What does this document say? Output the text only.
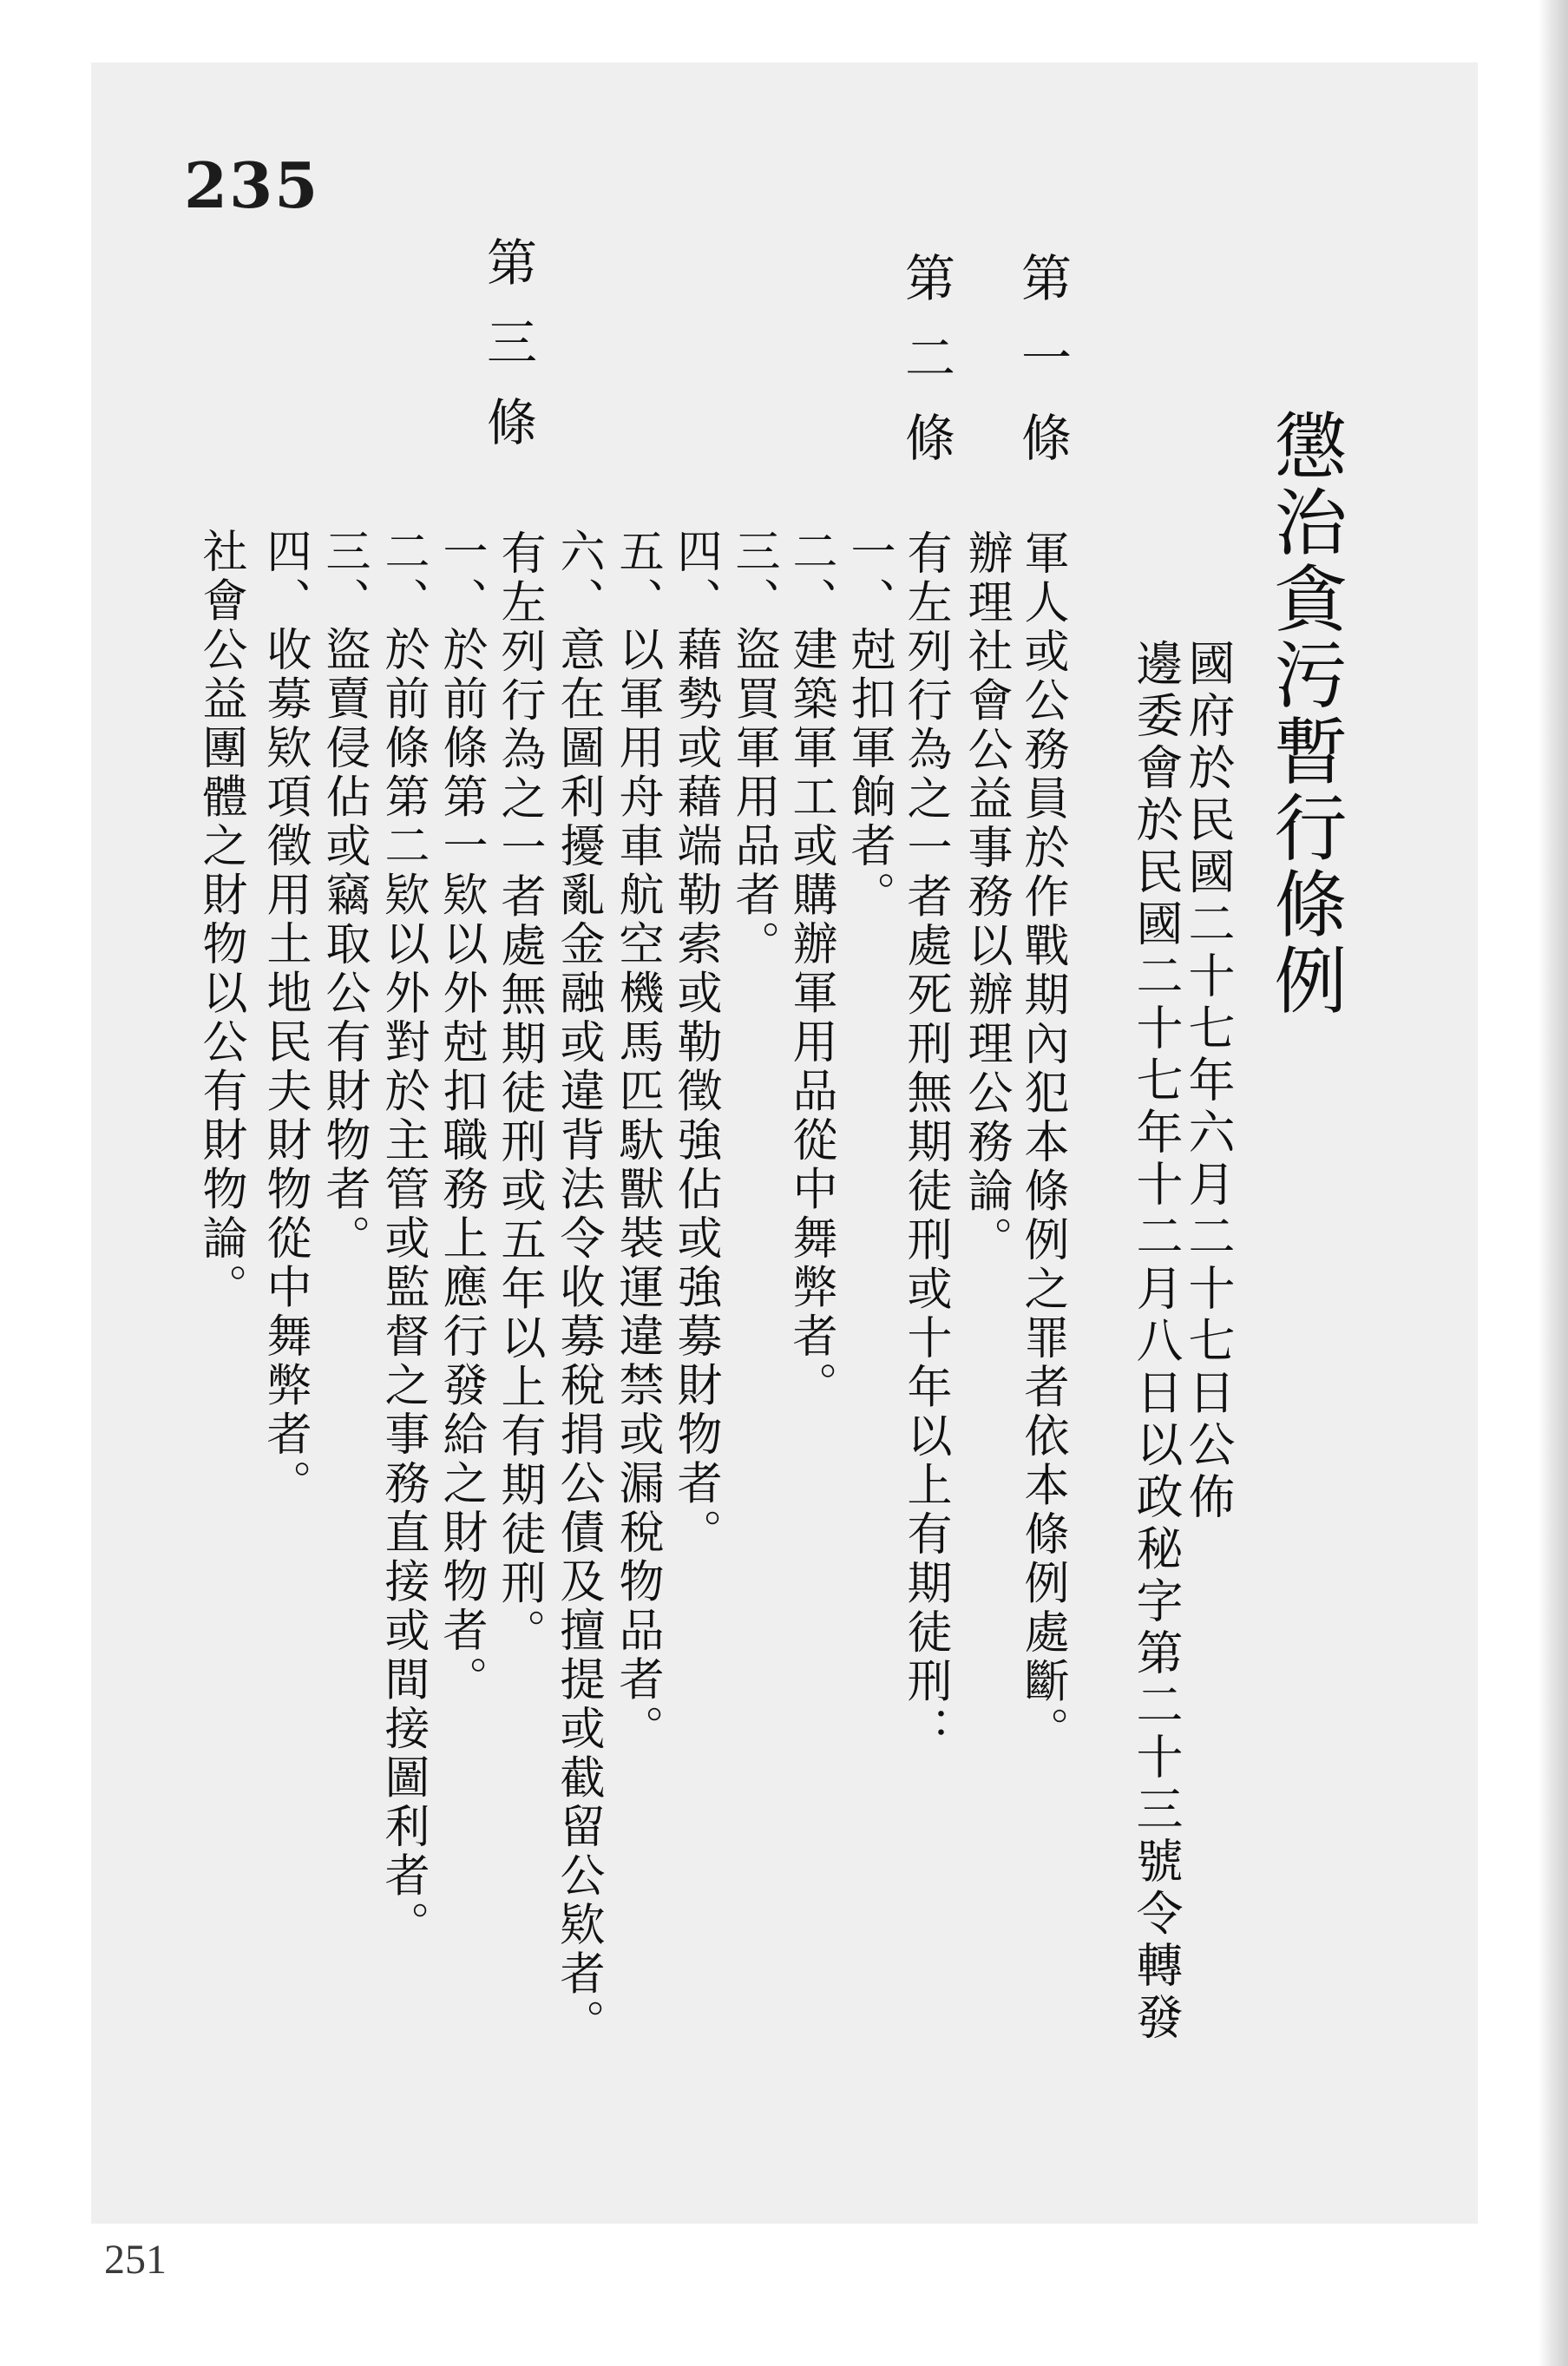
235
懲治貪污暫行條例
國府於民國二十七年六月二十七日公佈
邊委會於民國二十七年十二月八日以政秘字第二十三號令轉發
第一條
軍人或公務員於作戰期內犯本條例之罪者依本條例處斷。
辦理社會公益事務以辦理公務論。
第二條
有左列行為之一者處死刑無期徒刑或十年以上有期徒刑：
一、尅扣軍餉者。
二、建築軍工或購辦軍用品從中舞弊者。
三、盜買軍用品者。
四、藉勢或藉端勒索或勒徵強佔或強募財物者。
五、以軍用舟車航空機馬匹馱獸裝運違禁或漏稅物品者。
六、意在圖利擾亂金融或違背法令收募稅捐公債及擅提或截留公欵者。
第三條
有左列行為之一者處無期徒刑或五年以上有期徒刑。
一、於前條第一欵以外尅扣職務上應行發給之財物者。
二、於前條第二欵以外對於主管或監督之事務直接或間接圖利者。
三、盜賣侵佔或竊取公有財物者。
四、收募欵項徵用土地民夫財物從中舞弊者。
社會公益團體之財物以公有財物論。
251
